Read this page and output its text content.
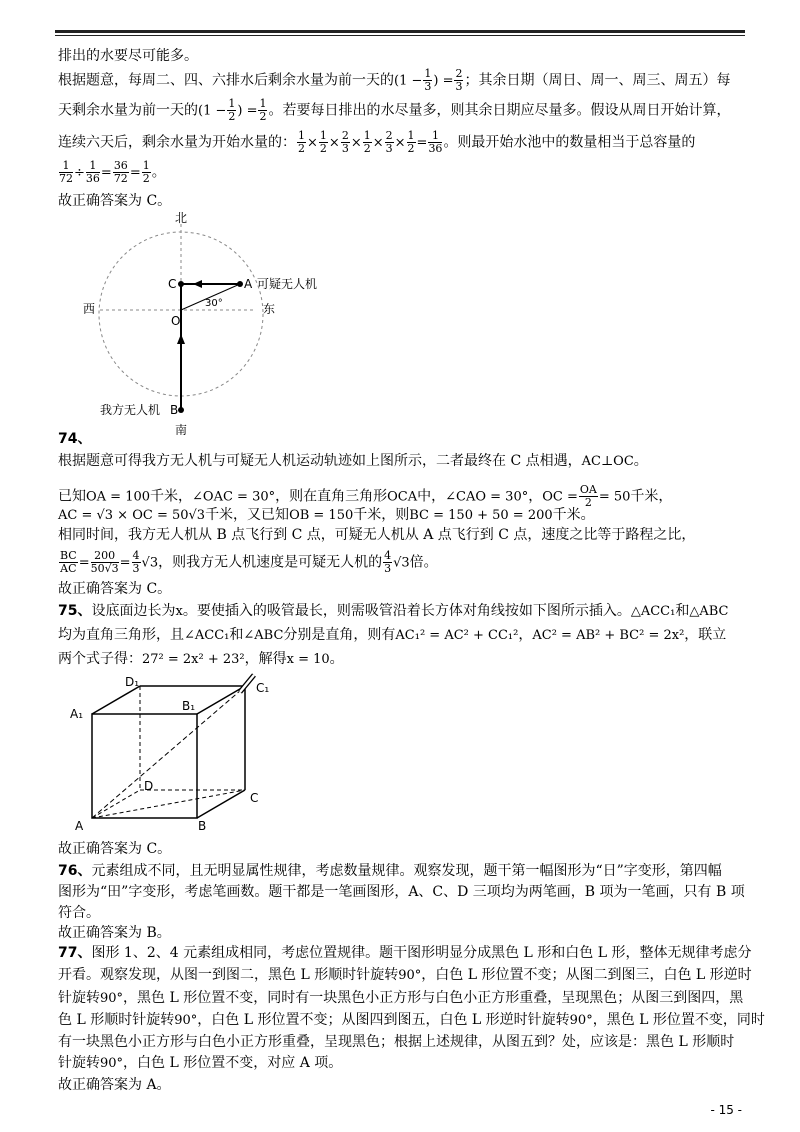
排出的水要尽可能多。
根据题意，每周二、四、六排水后剩余水量为前一天的($1 - \frac{1}{3}$ ) = $\frac{2}{3}$ ；其余日期（周日、周一、周三、周五）每
天剩余水量为前一天的($1 - \frac{1}{2}$ ) = $\frac{1}{2}$ 。若要每日排出的水尽量多，则其余日期应尽量多。假设从周日开始计算，
连续六天后，剩余水量为开始水量的： $\frac{1}{2} \times \frac{1}{2} \times \frac{2}{3} \times \frac{1}{2} \times \frac{2}{3} \times \frac{1}{2} = \frac{1}{36}$ 。则最开始水池中的数量相当于总容量的
$\frac{1}{72} \div \frac{1}{36} = \frac{36}{72} = \frac{1}{2}$ 。
故正确答案为 C。
北
南
西	东
C	A
O
B
30°
可疑无人机
我方无人机
74、
根据题意可得我方无人机与可疑无人机运动轨迹如上图所示，二者最终在 C 点相遇，AC⊥OC。
已知OA = 100千米，∠OAC = 30°，则在直角三角形OCA中，∠CAO = 30°，OC = $\frac{OA}{2} = 50$千米，
AC = √3 × OC = 50√3千米，又已知OB = 150千米，则BC = 150 + 50 = 200千米。
相同时间，我方无人机从 B 点飞行到 C 点，可疑无人机从 A 点飞行到 C 点，速度之比等于路程之比，
$\frac{BC}{AC} = \frac{200}{50√3} = \frac{4}{3} √3$，则我方无人机速度是可疑无人机的 $\frac{4}{3} √3$倍。
故正确答案为 C。
75、设底面边长为x。要使插入的吸管最长，则需吸管沿着长方体对角线按如下图所示插入。△ACC₁和△ABC
均为直角三角形，且∠ACC₁和∠ABC分别是直角，则有AC₁² = AC² + CC₁²，AC² = AB² + BC² = 2x²，联立
两个式子得：27² = 2x² + 23²，解得x = 10。
D₁
A₁
B₁
C₁
D
A	B
C
故正确答案为 C。
76、元素组成不同，且无明显属性规律，考虑数量规律。观察发现，题干第一幅图形为“日”字变形，第四幅
图形为“田”字变形，考虑笔画数。题干都是一笔画图形，A、C、D 三项均为两笔画，B 项为一笔画，只有 B 项
符合。
故正确答案为 B。
77、图形 1、2、4 元素组成相同，考虑位置规律。题干图形明显分成黑色 L 形和白色 L 形，整体无规律考虑分
开看。观察发现，从图一到图二，黑色 L 形顺时针旋转90°，白色 L 形位置不变；从图二到图三，白色 L 形逆时
针旋转90°，黑色 L 形位置不变，同时有一块黑色小正方形与白色小正方形重叠，呈现黑色；从图三到图四，黑
色 L 形顺时针旋转90°，白色 L 形位置不变；从图四到图五，白色 L 形逆时针旋转90°，黑色 L 形位置不变，同时
有一块黑色小正方形与白色小正方形重叠，呈现黑色；根据上述规律，从图五到？处，应该是：黑色 L 形顺时
针旋转90°，白色 L 形位置不变，对应 A 项。
故正确答案为 A。
- 15 -
